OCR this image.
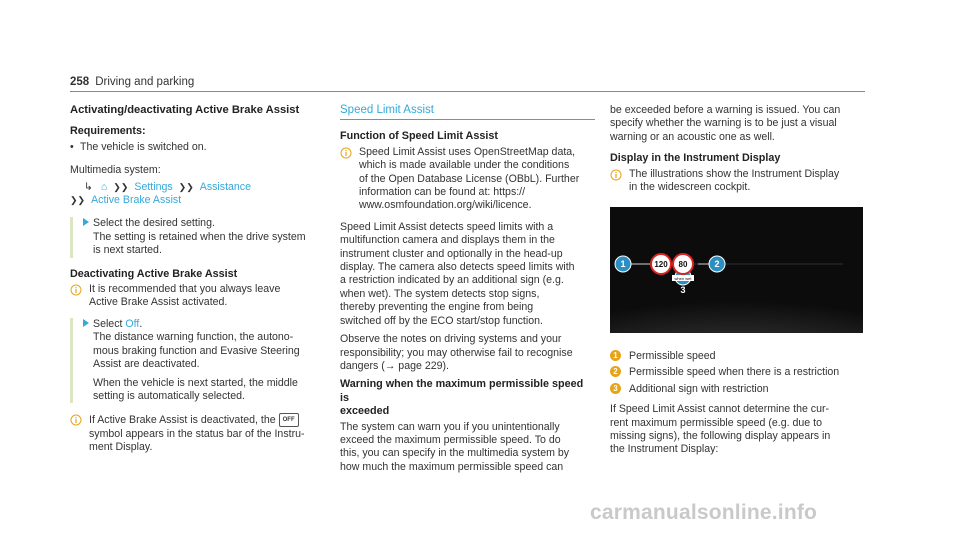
258 Driving and parking
Activating/deactivating Active Brake Assist
Requirements:
• The vehicle is switched on.
Multimedia system:
↳ ⌂ ❯❯ Settings ❯❯ Assistance
❯❯ Active Brake Assist
Select the desired setting.
The setting is retained when the drive system
is next started.
Deactivating Active Brake Assist
It is recommended that you always leave
Active Brake Assist activated.
Select Off.
The distance warning function, the autono-
mous braking function and Evasive Steering
Assist are deactivated.
When the vehicle is next started, the middle
setting is automatically selected.
If Active Brake Assist is deactivated, the OFF
symbol appears in the status bar of the Instru-
ment Display.
Speed Limit Assist
Function of Speed Limit Assist
Speed Limit Assist uses OpenStreetMap data,
which is made available under the conditions
of the Open Database License (OBbL). Further
information can be found at: https://
www.osmfoundation.org/wiki/licence.
Speed Limit Assist detects speed limits with a
multifunction camera and displays them in the
instrument cluster and optionally in the head-up
display. The camera also detects speed limits with
a restriction indicated by an additional sign (e.g.
when wet). The system detects stop signs,
thereby preventing the engine from being
switched off by the ECO start/stop function.
Observe the notes on driving systems and your
responsibility; you may otherwise fail to recognise
dangers (→ page 229).
Warning when the maximum permissible speed is
exceeded
The system can warn you if you unintentionally
exceed the maximum permissible speed. To do
this, you can specify in the multimedia system by
how much the maximum permissible speed can
be exceeded before a warning is issued. You can
specify whether the warning is to be just a visual
warning or an acoustic one as well.
Display in the Instrument Display
The illustrations show the Instrument Display
in the widescreen cockpit.
1	2
3
120 80
when wet
1 Permissible speed
2 Permissible speed when there is a restriction
3 Additional sign with restriction
If Speed Limit Assist cannot determine the cur-
rent maximum permissible speed (e.g. due to
missing signs), the following display appears in
the Instrument Display:
carmanualsonline.info
